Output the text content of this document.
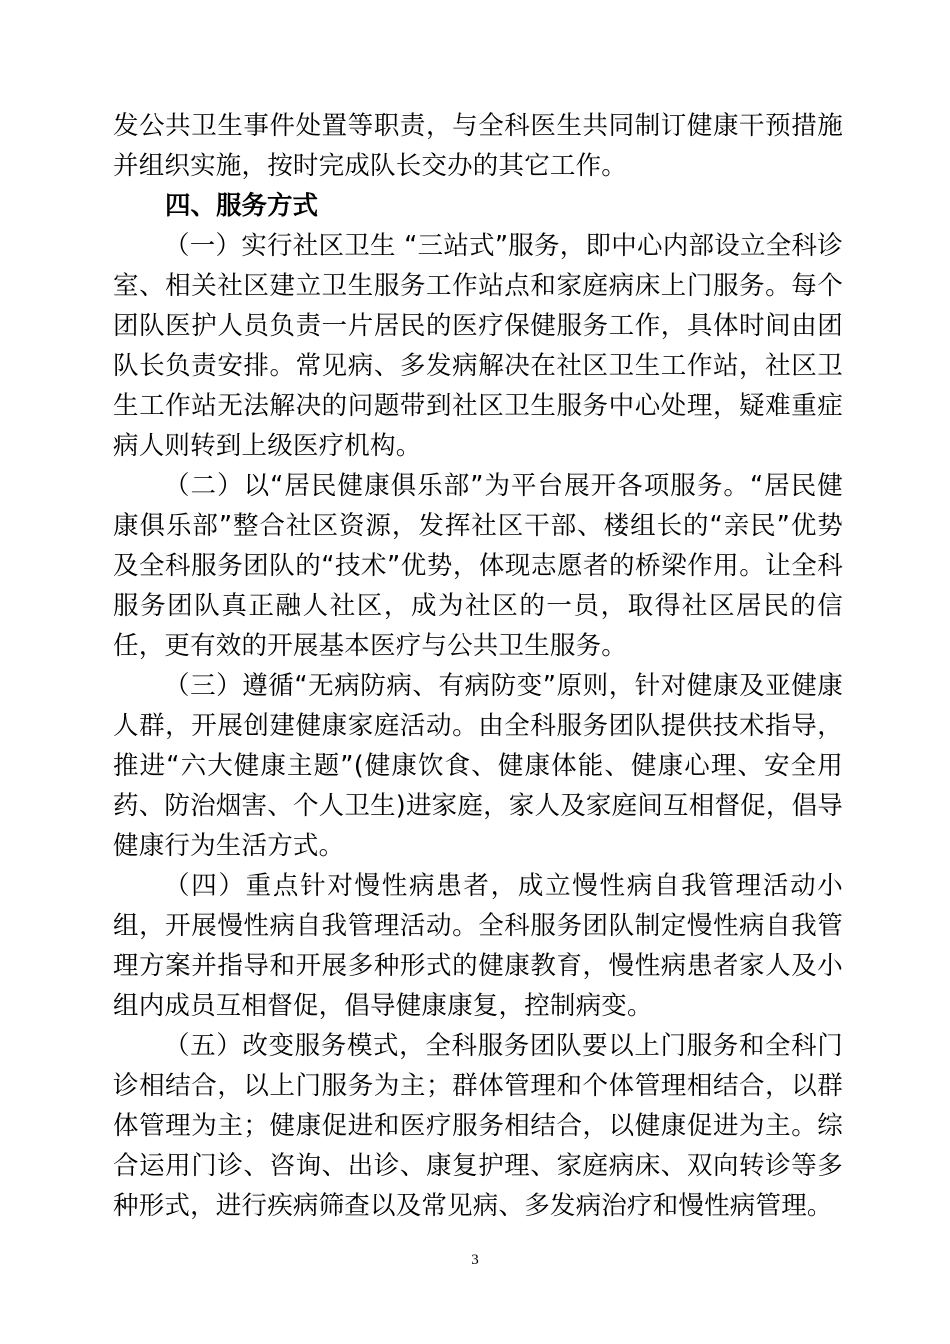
发公共卫生事件处置等职责，与全科医生共同制订健康干预措施并组织实施，按时完成队长交办的其它工作。

四、服务方式

（一）实行社区卫生 “三站式”服务，即中心内部设立全科诊室、相关社区建立卫生服务工作站点和家庭病床上门服务。每个团队医护人员负责一片居民的医疗保健服务工作，具体时间由团队长负责安排。常见病、多发病解决在社区卫生工作站，社区卫生工作站无法解决的问题带到社区卫生服务中心处理，疑难重症病人则转到上级医疗机构。

（二）以“居民健康俱乐部”为平台展开各项服务。“居民健康俱乐部”整合社区资源，发挥社区干部、楼组长的“亲民”优势及全科服务团队的“技术”优势，体现志愿者的桥梁作用。让全科服务团队真正融人社区，成为社区的一员，取得社区居民的信任，更有效的开展基本医疗与公共卫生服务。

（三）遵循“无病防病、有病防变”原则，针对健康及亚健康人群，开展创建健康家庭活动。由全科服务团队提供技术指导，推进“六大健康主题”(健康饮食、健康体能、健康心理、安全用药、防治烟害、个人卫生)进家庭，家人及家庭间互相督促，倡导健康行为生活方式。

（四）重点针对慢性病患者，成立慢性病自我管理活动小组，开展慢性病自我管理活动。全科服务团队制定慢性病自我管理方案并指导和开展多种形式的健康教育，慢性病患者家人及小组内成员互相督促，倡导健康康复，控制病变。

（五）改变服务模式，全科服务团队要以上门服务和全科门诊相结合，以上门服务为主；群体管理和个体管理相结合，以群体管理为主；健康促进和医疗服务相结合，以健康促进为主。综合运用门诊、咨询、出诊、康复护理、家庭病床、双向转诊等多种形式，进行疾病筛查以及常见病、多发病治疗和慢性病管理。

3
